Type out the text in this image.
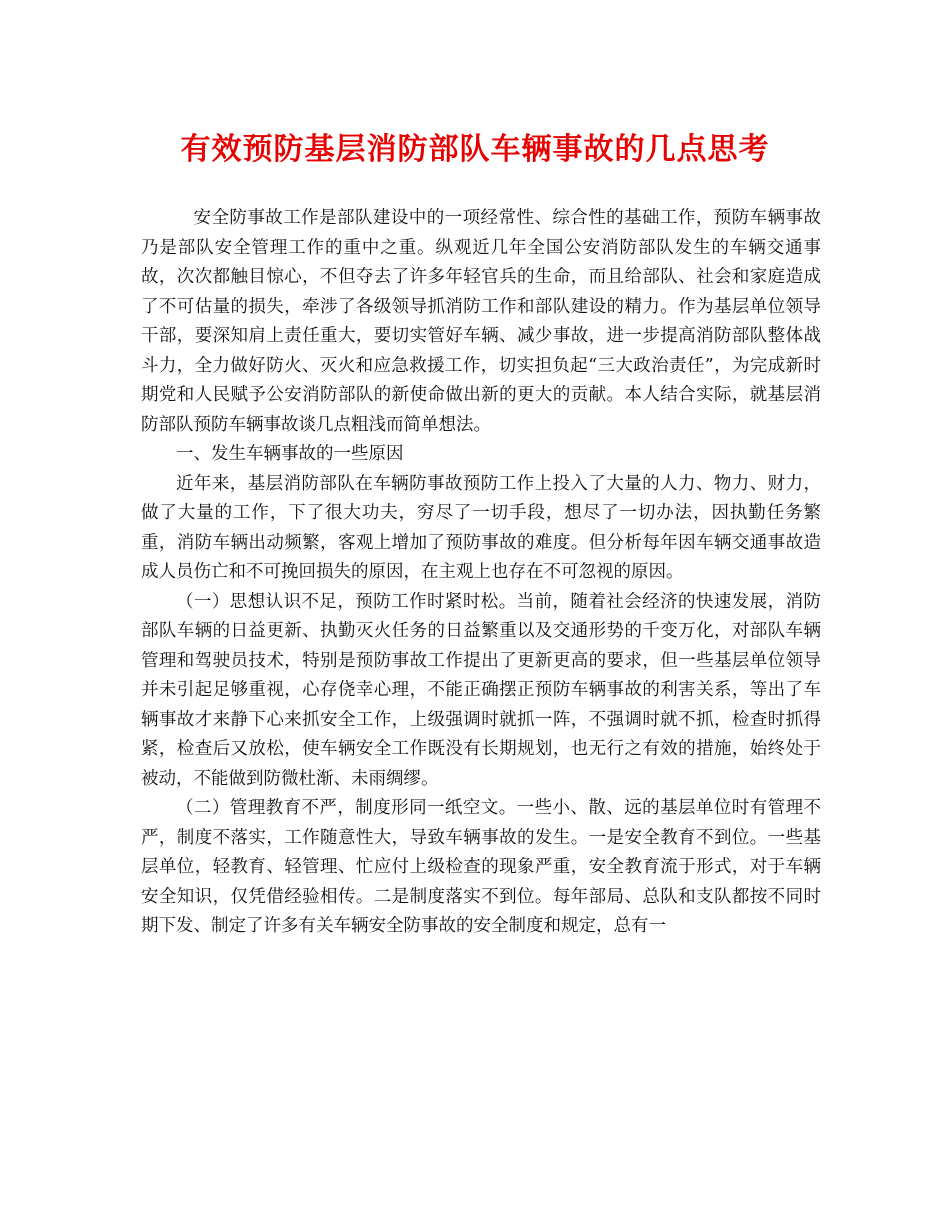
有效预防基层消防部队车辆事故的几点思考

安全防事故工作是部队建设中的一项经常性、综合性的基础工作，预防车辆事故乃是部队安全管理工作的重中之重。纵观近几年全国公安消防部队发生的车辆交通事故，次次都触目惊心，不但夺去了许多年轻官兵的生命，而且给部队、社会和家庭造成了不可估量的损失，牵涉了各级领导抓消防工作和部队建设的精力。作为基层单位领导干部，要深知肩上责任重大，要切实管好车辆、减少事故，进一步提高消防部队整体战斗力，全力做好防火、灭火和应急救援工作，切实担负起“三大政治责任”，为完成新时期党和人民赋予公安消防部队的新使命做出新的更大的贡献。本人结合实际，就基层消防部队预防车辆事故谈几点粗浅而简单想法。

一、发生车辆事故的一些原因

近年来，基层消防部队在车辆防事故预防工作上投入了大量的人力、物力、财力，做了大量的工作，下了很大功夫，穷尽了一切手段，想尽了一切办法，因执勤任务繁重，消防车辆出动频繁，客观上增加了预防事故的难度。但分析每年因车辆交通事故造成人员伤亡和不可挽回损失的原因，在主观上也存在不可忽视的原因。

（一）思想认识不足，预防工作时紧时松。当前，随着社会经济的快速发展，消防部队车辆的日益更新、执勤灭火任务的日益繁重以及交通形势的千变万化，对部队车辆管理和驾驶员技术，特别是预防事故工作提出了更新更高的要求，但一些基层单位领导并未引起足够重视，心存侥幸心理，不能正确摆正预防车辆事故的利害关系，等出了车辆事故才来静下心来抓安全工作，上级强调时就抓一阵，不强调时就不抓，检查时抓得紧，检查后又放松，使车辆安全工作既没有长期规划，也无行之有效的措施，始终处于被动，不能做到防微杜渐、未雨绸缪。

（二）管理教育不严，制度形同一纸空文。一些小、散、远的基层单位时有管理不严，制度不落实，工作随意性大，导致车辆事故的发生。一是安全教育不到位。一些基层单位，轻教育、轻管理、忙应付上级检查的现象严重，安全教育流于形式，对于车辆安全知识，仅凭借经验相传。二是制度落实不到位。每年部局、总队和支队都按不同时期下发、制定了许多有关车辆安全防事故的安全制度和规定，总有一
